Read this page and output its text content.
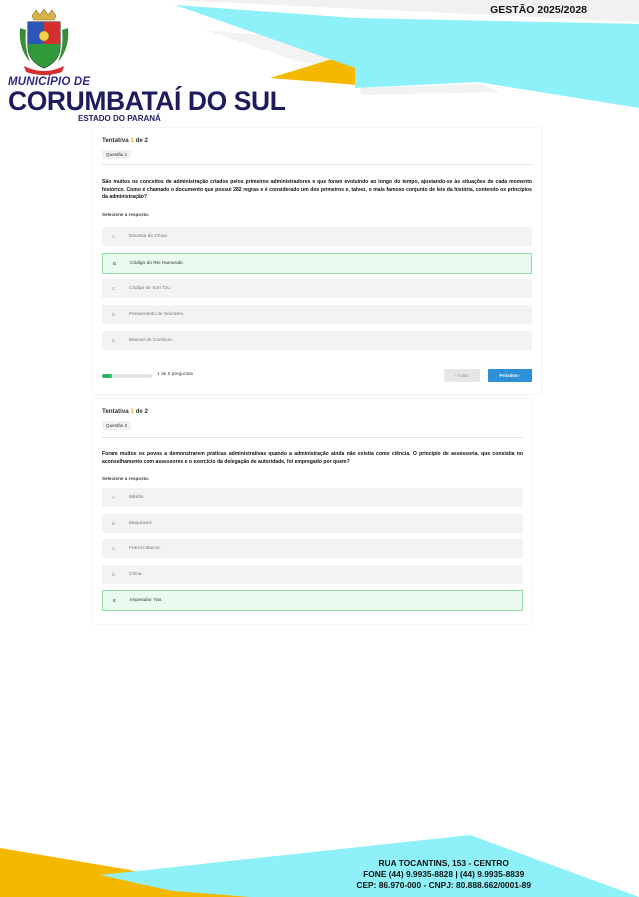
MUNICÍPIO DE
CORUMBATAÍ DO SUL
ESTADO DO PARANÁ
GESTÃO 2025/2028
Tentativa 1 de 2
Questão 1
São muitos os conceitos de administração criados pelos primeiros administradores e que foram evoluindo ao longo do tempo, ajustando-se às situações de cada momento histórico. Como é chamado o documento que possui 282 regras e é considerado um dos primeiros e, talvez, o mais famoso conjunto de leis da história, contendo os princípios da administração?
Selecione a resposta:
A	Dinastia de Chow.
B	Código do Rei Hamurabi.
C	Código de Sun Tzu.
D	Pensamento de Sócrates.
E	Manual de Confúcio.
1 de 5 perguntas	‹ Voltar	Próximo ›
Tentativa 1 de 2
Questão 2
Foram muitos os povos a demonstrarem práticas administrativas quando a administração ainda não existia como ciência. O princípio de assessoria, que consistia no aconselhamento com assessores e o exercício da delegação de autoridade, foi empregado por quem?
Selecione a resposta:
A	Mênfis.
B	Maquiavel.
C	Francis Bacon.
D	China.
E	Imperador Yao.
RUA TOCANTINS, 153 - CENTRO
FONE (44) 9.9935-8828 | (44) 9.9935-8839
CEP: 86.970-000 - CNPJ: 80.888.662/0001-89
